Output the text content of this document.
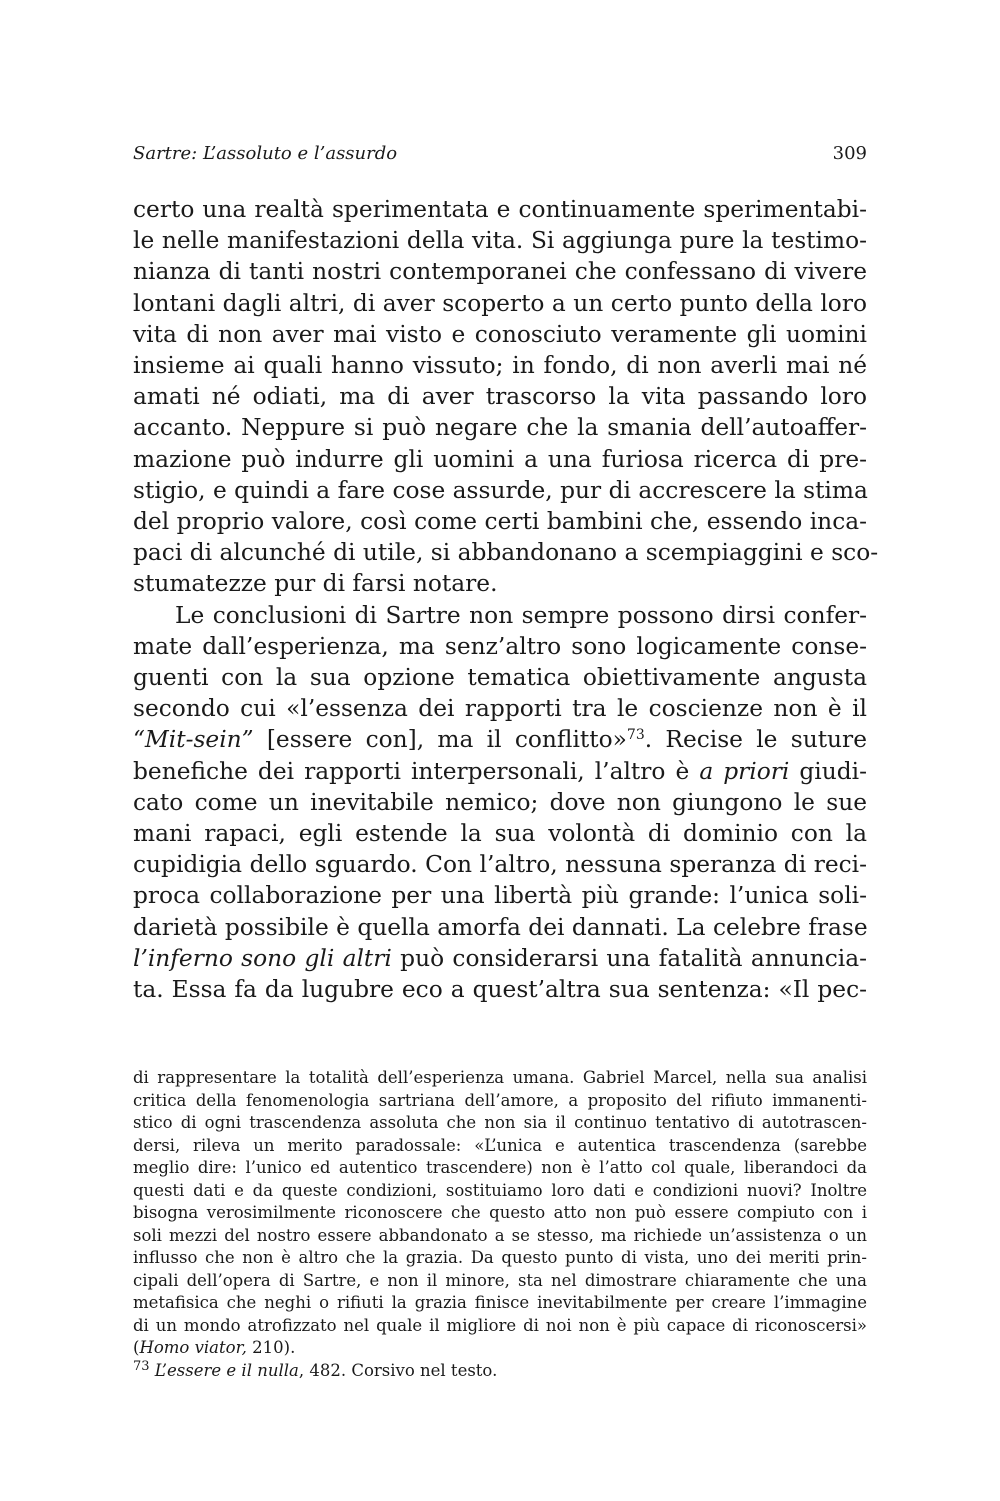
Sartre: L’assoluto e l’assurdo	309
certo una realtà sperimentata e continuamente sperimentabi-
le nelle manifestazioni della vita. Si aggiunga pure la testimo-
nianza di tanti nostri contemporanei che confessano di vivere
lontani dagli altri, di aver scoperto a un certo punto della loro
vita di non aver mai visto e conosciuto veramente gli uomini
insieme ai quali hanno vissuto; in fondo, di non averli mai né
amati né odiati, ma di aver trascorso la vita passando loro
accanto. Neppure si può negare che la smania dell’autoaffer-
mazione può indurre gli uomini a una furiosa ricerca di pre-
stigio, e quindi a fare cose assurde, pur di accrescere la stima
del proprio valore, così come certi bambini che, essendo inca-
paci di alcunché di utile, si abbandonano a scempiaggini e sco-
stumatezze pur di farsi notare.
Le conclusioni di Sartre non sempre possono dirsi confer-
mate dall’esperienza, ma senz’altro sono logicamente conse-
guenti con la sua opzione tematica obiettivamente angusta
secondo cui «l’essenza dei rapporti tra le coscienze non è il
“Mit-sein” [essere con], ma il conflitto»$^{73}$. Recise le suture
benefiche dei rapporti interpersonali, l’altro è a priori giudi-
cato come un inevitabile nemico; dove non giungono le sue
mani rapaci, egli estende la sua volontà di dominio con la
cupidigia dello sguardo. Con l’altro, nessuna speranza di reci-
proca collaborazione per una libertà più grande: l’unica soli-
darietà possibile è quella amorfa dei dannati. La celebre frase
l’inferno sono gli altri può considerarsi una fatalità annuncia-
ta. Essa fa da lugubre eco a quest’altra sua sentenza: «Il pec-
di rappresentare la totalità dell’esperienza umana. Gabriel Marcel, nella sua analisi
critica della fenomenologia sartriana dell’amore, a proposito del rifiuto immanenti-
stico di ogni trascendenza assoluta che non sia il continuo tentativo di autotrascen-
dersi, rileva un merito paradossale: «L’unica e autentica trascendenza (sarebbe
meglio dire: l’unico ed autentico trascendere) non è l’atto col quale, liberandoci da
questi dati e da queste condizioni, sostituiamo loro dati e condizioni nuovi? Inoltre
bisogna verosimilmente riconoscere che questo atto non può essere compiuto con i
soli mezzi del nostro essere abbandonato a se stesso, ma richiede un’assistenza o un
influsso che non è altro che la grazia. Da questo punto di vista, uno dei meriti prin-
cipali dell’opera di Sartre, e non il minore, sta nel dimostrare chiaramente che una
metafisica che neghi o rifiuti la grazia finisce inevitabilmente per creare l’immagine
di un mondo atrofizzato nel quale il migliore di noi non è più capace di riconoscersi»
(Homo viator, 210).
$^{73}$ L’essere e il nulla, 482. Corsivo nel testo.
